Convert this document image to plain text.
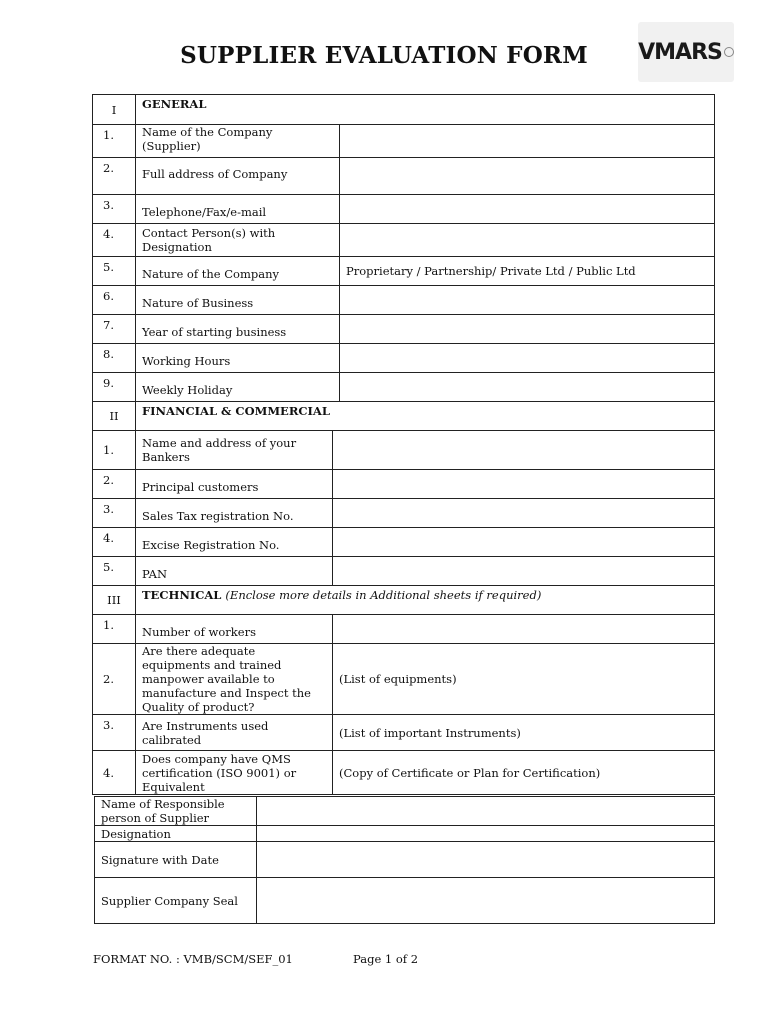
SUPPLIER EVALUATION FORM	VMARS
I	GENERAL		
1.	Name of the Company (Supplier)		
2.	Full address of Company		
3.	Telephone/Fax/e-mail		
4.	Contact Person(s) with Designation		
5.	Nature of the Company		Proprietary / Partnership/ Private Ltd / Public Ltd
6.	Nature of Business		
7.	Year of starting business		
8.	Working Hours		
9.	Weekly Holiday		
II	FINANCIAL & COMMERCIAL		
1.	Name and address of your Bankers		
2.	Principal customers		
3.	Sales Tax registration No.		
4.	Excise Registration No.		
5.	PAN		
III	TECHNICAL (Enclose more details in Additional sheets if required)		
1.	Number of workers		
2.	Are there adequate equipments and trained manpower available to manufacture and Inspect the Quality of product?	(List of equipments)	
3.	Are Instruments used calibrated	(List of important Instruments)	
4.	Does company have QMS certification (ISO 9001) or Equivalent	(Copy of Certificate or Plan for Certification)	
Name of Responsible person of Supplier	
Designation	
Signature with Date	
Supplier Company Seal	
FORMAT NO. : VMB/SCM/SEF_01	Page 1 of 2
